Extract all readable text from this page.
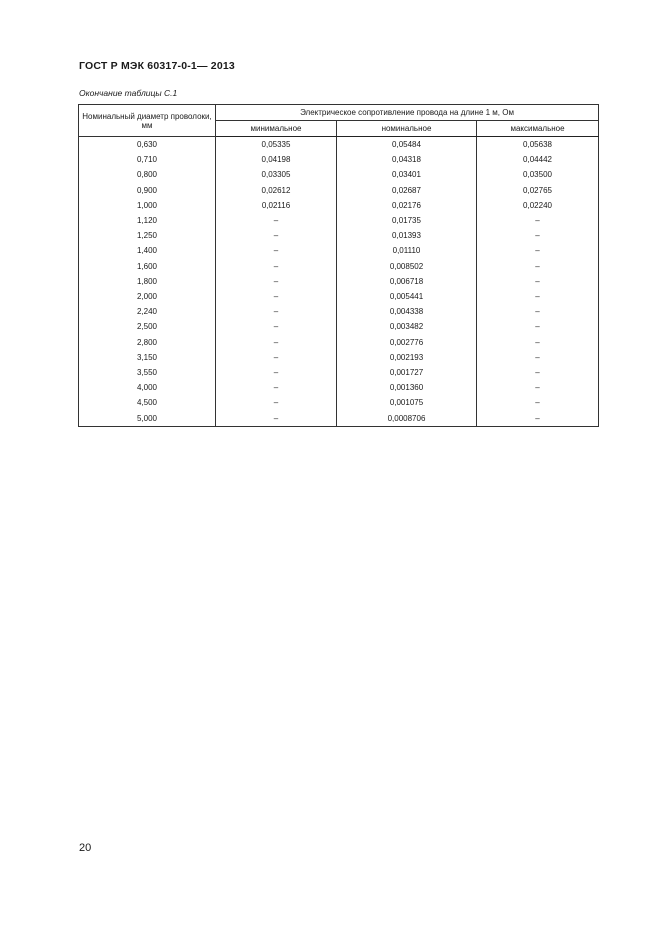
ГОСТ Р МЭК 60317-0-1— 2013
Окончание таблицы С.1
Номинальный диаметр проволоки, мм	Электрическое сопротивление провода на длине 1 м, Ом		
	минимальное	номинальное	максимальное
0,630	0,05335	0,05484	0,05638
0,710	0,04198	0,04318	0,04442
0,800	0,03305	0,03401	0,03500
0,900	0,02612	0,02687	0,02765
1,000	0,02116	0,02176	0,02240
1,120	–	0,01735	–
1,250	–	0,01393	–
1,400	–	0,01110	–
1,600	–	0,008502	–
1,800	–	0,006718	–
2,000	–	0,005441	–
2,240	–	0,004338	–
2,500	–	0,003482	–
2,800	–	0,002776	–
3,150	–	0,002193	–
3,550	–	0,001727	–
4,000	–	0,001360	–
4,500	–	0,001075	–
5,000	–	0,0008706	–
20
